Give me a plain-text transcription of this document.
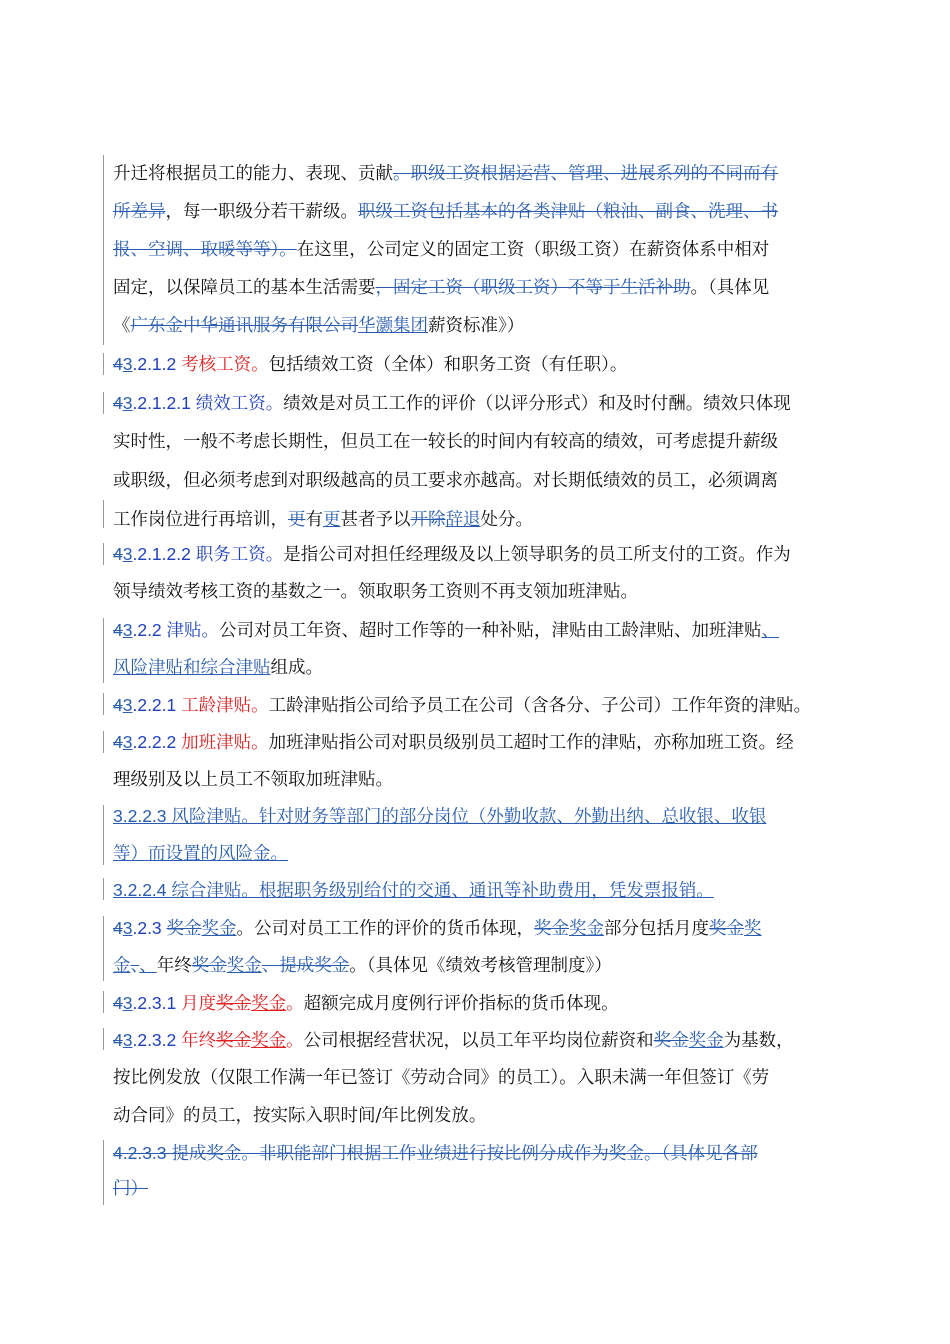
升迁将根据员工的能力、表现、贡献。职级工资根据运营、管理、进展系列的不同而有
所差异，每一职级分若干薪级。职级工资包括基本的各类津贴（粮油、副食、洗理、书
报、空调、取暖等等）。在这里，公司定义的固定工资（职级工资）在薪资体系中相对
固定，以保障员工的基本生活需要，固定工资（职级工资）不等于生活补助。（具体见
《广东金中华通讯服务有限公司华灏集团薪资标准》）
43.2.1.2 考核工资。包括绩效工资（全体）和职务工资（有任职）。
43.2.1.2.1 绩效工资。绩效是对员工工作的评价（以评分形式）和及时付酬。绩效只体现
实时性，一般不考虑长期性，但员工在一较长的时间内有较高的绩效，可考虑提升薪级
或职级，但必须考虑到对职级越高的员工要求亦越高。对长期低绩效的员工，必须调离
工作岗位进行再培训，更有更甚者予以开除辞退处分。
43.2.1.2.2 职务工资。是指公司对担任经理级及以上领导职务的员工所支付的工资。作为
领导绩效考核工资的基数之一。领取职务工资则不再支领加班津贴。
43.2.2 津贴。公司对员工年资、超时工作等的一种补贴，津贴由工龄津贴、加班津贴、
风险津贴和综合津贴组成。
43.2.2.1 工龄津贴。工龄津贴指公司给予员工在公司（含各分、子公司）工作年资的津贴。
43.2.2.2 加班津贴。加班津贴指公司对职员级别员工超时工作的津贴，亦称加班工资。经
理级别及以上员工不领取加班津贴。
3.2.2.3 风险津贴。针对财务等部门的部分岗位（外勤收款、外勤出纳、总收银、收银
等）而设置的风险金。
3.2.2.4 综合津贴。根据职务级别给付的交通、通讯等补助费用，凭发票报销。
43.2.3 奖金奖金。公司对员工工作的评价的货币体现，奖金奖金部分包括月度奖金奖
金、、年终奖金奖金、提成奖金。（具体见《绩效考核管理制度》）
43.2.3.1 月度奖金奖金。超额完成月度例行评价指标的货币体现。
43.2.3.2 年终奖金奖金。公司根据经营状况，以员工年平均岗位薪资和奖金奖金为基数，
按比例发放（仅限工作满一年已签订《劳动合同》的员工）。入职未满一年但签订《劳
动合同》的员工，按实际入职时间/年比例发放。
4.2.3.3 提成奖金。非职能部门根据工作业绩进行按比例分成作为奖金。（具体见各部
门）
